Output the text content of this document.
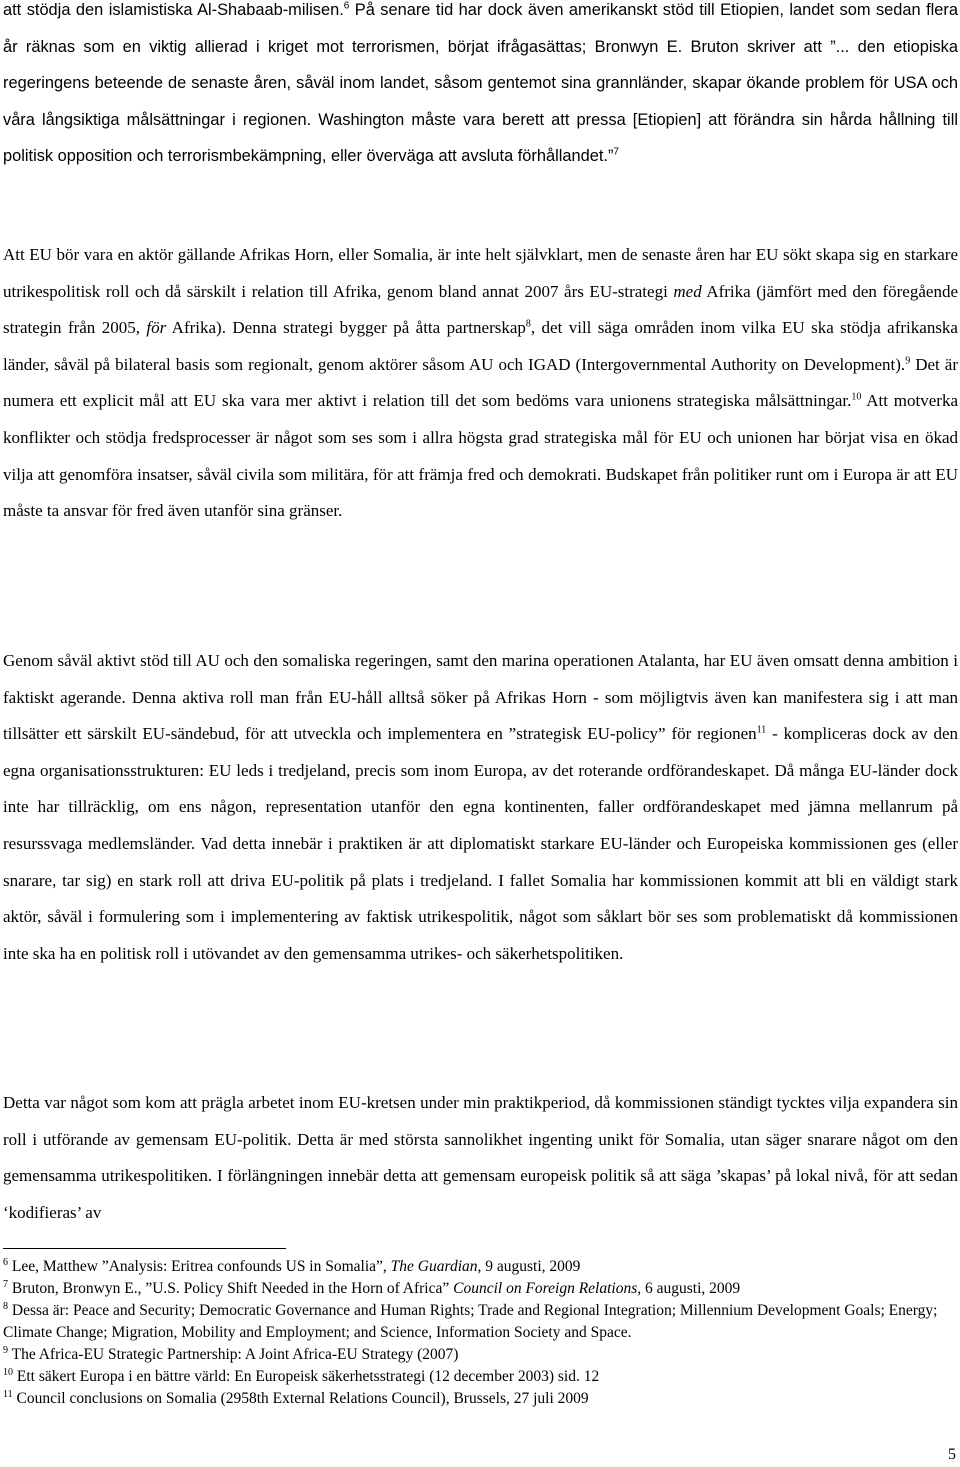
att stödja den islamistiska Al-Shabaab-milisen.$^6$ På senare tid har dock även amerikanskt stöd till Etiopien, landet som sedan flera år räknas som en viktig allierad i kriget mot terrorismen, börjat ifrågasättas; Bronwyn E. Bruton skriver att ”... den etiopiska regeringens beteende de senaste åren, såväl inom landet, såsom gentemot sina grannländer, skapar ökande problem för USA och våra långsiktiga målsättningar i regionen. Washington måste vara berett att pressa [Etiopien] att förändra sin hårda hållning till politisk opposition och terrorismbekämpning, eller överväga att avsluta förhållandet.”$^7$

Att EU bör vara en aktör gällande Afrikas Horn, eller Somalia, är inte helt självklart, men de senaste åren har EU sökt skapa sig en starkare utrikespolitisk roll och då särskilt i relation till Afrika, genom bland annat 2007 års EU-strategi med Afrika (jämfört med den föregående strategin från 2005, för Afrika). Denna strategi bygger på åtta partnerskap$^8$, det vill säga områden inom vilka EU ska stödja afrikanska länder, såväl på bilateral basis som regionalt, genom aktörer såsom AU och IGAD (Intergovernmental Authority on Development).$^9$ Det är numera ett explicit mål att EU ska vara mer aktivt i relation till det som bedöms vara unionens strategiska målsättningar.$^{10}$ Att motverka konflikter och stödja fredsprocesser är något som ses som i allra högsta grad strategiska mål för EU och unionen har börjat visa en ökad vilja att genomföra insatser, såväl civila som militära, för att främja fred och demokrati. Budskapet från politiker runt om i Europa är att EU måste ta ansvar för fred även utanför sina gränser.

Genom såväl aktivt stöd till AU och den somaliska regeringen, samt den marina operationen Atalanta, har EU även omsatt denna ambition i faktiskt agerande. Denna aktiva roll man från EU-håll alltså söker på Afrikas Horn - som möjligtvis även kan manifestera sig i att man tillsätter ett särskilt EU-sändebud, för att utveckla och implementera en ”strategisk EU-policy” för regionen$^{11}$ - kompliceras dock av den egna organisationsstrukturen: EU leds i tredjeland, precis som inom Europa, av det roterande ordförandeskapet. Då många EU-länder dock inte har tillräcklig, om ens någon, representation utanför den egna kontinenten, faller ordförandeskapet med jämna mellanrum på resurssvaga medlemsländer. Vad detta innebär i praktiken är att diplomatiskt starkare EU-länder och Europeiska kommissionen ges (eller snarare, tar sig) en stark roll att driva EU-politik på plats i tredjeland. I fallet Somalia har kommissionen kommit att bli en väldigt stark aktör, såväl i formulering som i implementering av faktisk utrikespolitik, något som såklart bör ses som problematiskt då kommissionen inte ska ha en politisk roll i utövandet av den gemensamma utrikes- och säkerhetspolitiken.

Detta var något som kom att prägla arbetet inom EU-kretsen under min praktikperiod, då kommissionen ständigt tycktes vilja expandera sin roll i utförande av gemensam EU-politik. Detta är med största sannolikhet ingenting unikt för Somalia, utan säger snarare något om den gemensamma utrikespolitiken. I förlängningen innebär detta att gemensam europeisk politik så att säga ’skapas’ på lokal nivå, för att sedan ‘kodifieras’ av

$^6$ Lee, Matthew ”Analysis: Eritrea confounds US in Somalia”, The Guardian, 9 augusti, 2009

$^7$ Bruton, Bronwyn E., ”U.S. Policy Shift Needed in the Horn of Africa” Council on Foreign Relations, 6 augusti, 2009

$^8$ Dessa är: Peace and Security; Democratic Governance and Human Rights; Trade and Regional Integration; Millennium Development Goals; Energy; Climate Change; Migration, Mobility and Employment; and Science, Information Society and Space.

$^9$ The Africa-EU Strategic Partnership: A Joint Africa-EU Strategy (2007)

$^{10}$ Ett säkert Europa i en bättre värld: En Europeisk säkerhetsstrategi (12 december 2003) sid. 12

$^{11}$ Council conclusions on Somalia (2958th External Relations Council), Brussels, 27 juli 2009

5
